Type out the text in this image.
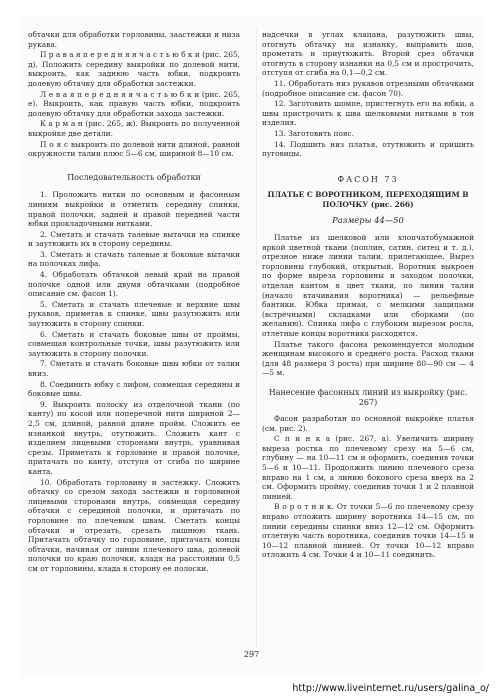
обтачки для обработки горловины, заастежки и низа рукава.

П р а в а я п е р е д н я я ч а с т ь ю б к и (рис. 265, д). Положить середину выкройки по долевой нити, выкроить, как заднюю часть юбки, подкроить долевую обтачку для обработки застежки.

Л е в а я п е р е д н я я ч а с т ь ю б к и (рис. 265, е). Выкроить, как правую часть юбки, подкроить долевую обтачку для обработки захода застежки.

К а р м а н (рис. 265, ж). Выкроить по полученной выкройке две детали.

П о я с выкроить по долевой нити длиной, равной окружности талии плюс 5—6 см, шириной 8—10 см.

Последовательность обработки

1. Проложить нитки по основным и фасонным линиям выкройки и отметить середину спинки, правой полочки, задней и правой передней части юбки прокладочными нитками.

2. Сметать и стачать талевые вытачки на спинке и заутюжить их в сторону середины.

3. Сметать и стачать талевые и боковые вытачки на полочках лифа.

4. Обработать обтачкой левый край на правой полочке одной или двумя обтачками (подробное описание см. фасон 1).

5. Сметать и стачать плечевые и верхние швы рукавов, приметав к спинке, швы разутюжить или заутюжить в сторону спинки.

6. Сметать и стачать боковые швы от проймы, совмещая контрольные точки, швы разутюжить или заутюжить в сторону полочки.

7. Сметать и стачать боковые швы юбки от талии вниз.

8. Соединить юбку с лифом, совмещая середины и боковые швы.

9. Выкроить полоску из отделочной ткани (по канту) по косой или поперечной нити шириной 2—2,5 см, длиной, равной длине пройм. Сложить ее изнанкой внутрь, отутюжить. Сложить кант с изделием лицевыми сторонами внутрь, уравнивая срезы. Приметать к горловине и правой полочке, притачать по канту, отступя от сгиба по ширине канта.

10. Обработать горловину и застежку. Сложить обтачку со срезом захода застежки и горловиной лицевыми сторонами внутрь, совмещая середину обтачки с серединой полочки, и притачать по горловине по плечевым швам. Сметать концы обтачки и отрезать, срезать лишнюю ткань. Притачать обтачку по горловине, притачать концы обтачки, начиная от линии плечевого шва, долевой полочки по краю полочки, кладя на расстоянии 0,5 см от горловины, клада в сторону ее полоски.

надсечки в углах клапана, разутюжить швы, отогнуть обтачку на изнанку, выправить шов, прометать и приутюжить. Второй срез обтачки отогнуть в сторону изнанки на 0,5 см и прострочить, отступя от сгиба на 0,1—0,2 см.

11. Обработать низ рукавов отрезными обтачками (подробное описание см. фасон 70).

12. Заготовить шомпе, пристегнуть его на юбки, а швы пристрочить к шва шелковыми нитками в тон изделия.

13. Заготовить пояс.

14. Подшить низ платья, отутюжить и пришить пуговицы.

ФАСОН 73
ПЛАТЬЕ С ВОРОТНИКОМ, ПЕРЕХОДЯЩИМ В ПОЛОЧКУ (рис. 266)
Размеры 44—50

Платье из шелковой или хлопчатобумажной яркой цветной ткани (поплин, сатин, ситец и т. д.), отрезное ниже линии талии, прилегающее. Вырез горловины глубокий, открытый. Воротник выкроен по форме выреза горловины и заходом полочки, отделан кантом в цвет ткани, по линии талии (начало втачивания воротника) — рельефные бантики. Юбка прямая, с мелкими защипами (встречными) складками или сборками (по желанию). Спинка лифа с глубоким вырезом росла, отлетные концы воротника расходятся.

Платье такого фасона рекомендуется молодым женщинам высокого и среднего роста. Расход ткани (для 48 размера 3 роста) при ширине 80—90 см — 4—5 м.

Нанесение фасонных линий из выкройку (рис. 267)

Фасон разработан по основной выкройке платья (см. рис. 2).

С п и н к а (рис. 267, а). Увеличить ширину выреза ростка по плечевому срезу на 5—6 см, глубину — на 10—11 см и оформить, соединив точки 5—6 и 10—11. Продолжить линию плечевого среза вправо на 1 см, а линию бокового среза вверх на 2 см. Оформить пройму, соединив точки 1 и 2 плавной линией.

В о р о т н и к. От точки 5—6 по плечевому срезу вправо отложить ширину воротника 14—15 см, по линии середины спинки вниз 12—12 см. Оформить отлетную часть воротника, соединив точки 14—15 и 10—12 плавной линией. От точки 10—12 вправо отложить 4 см. Точки 4 и 10—11 соединить.

297
http://www.liveinternet.ru/users/galina_o/
